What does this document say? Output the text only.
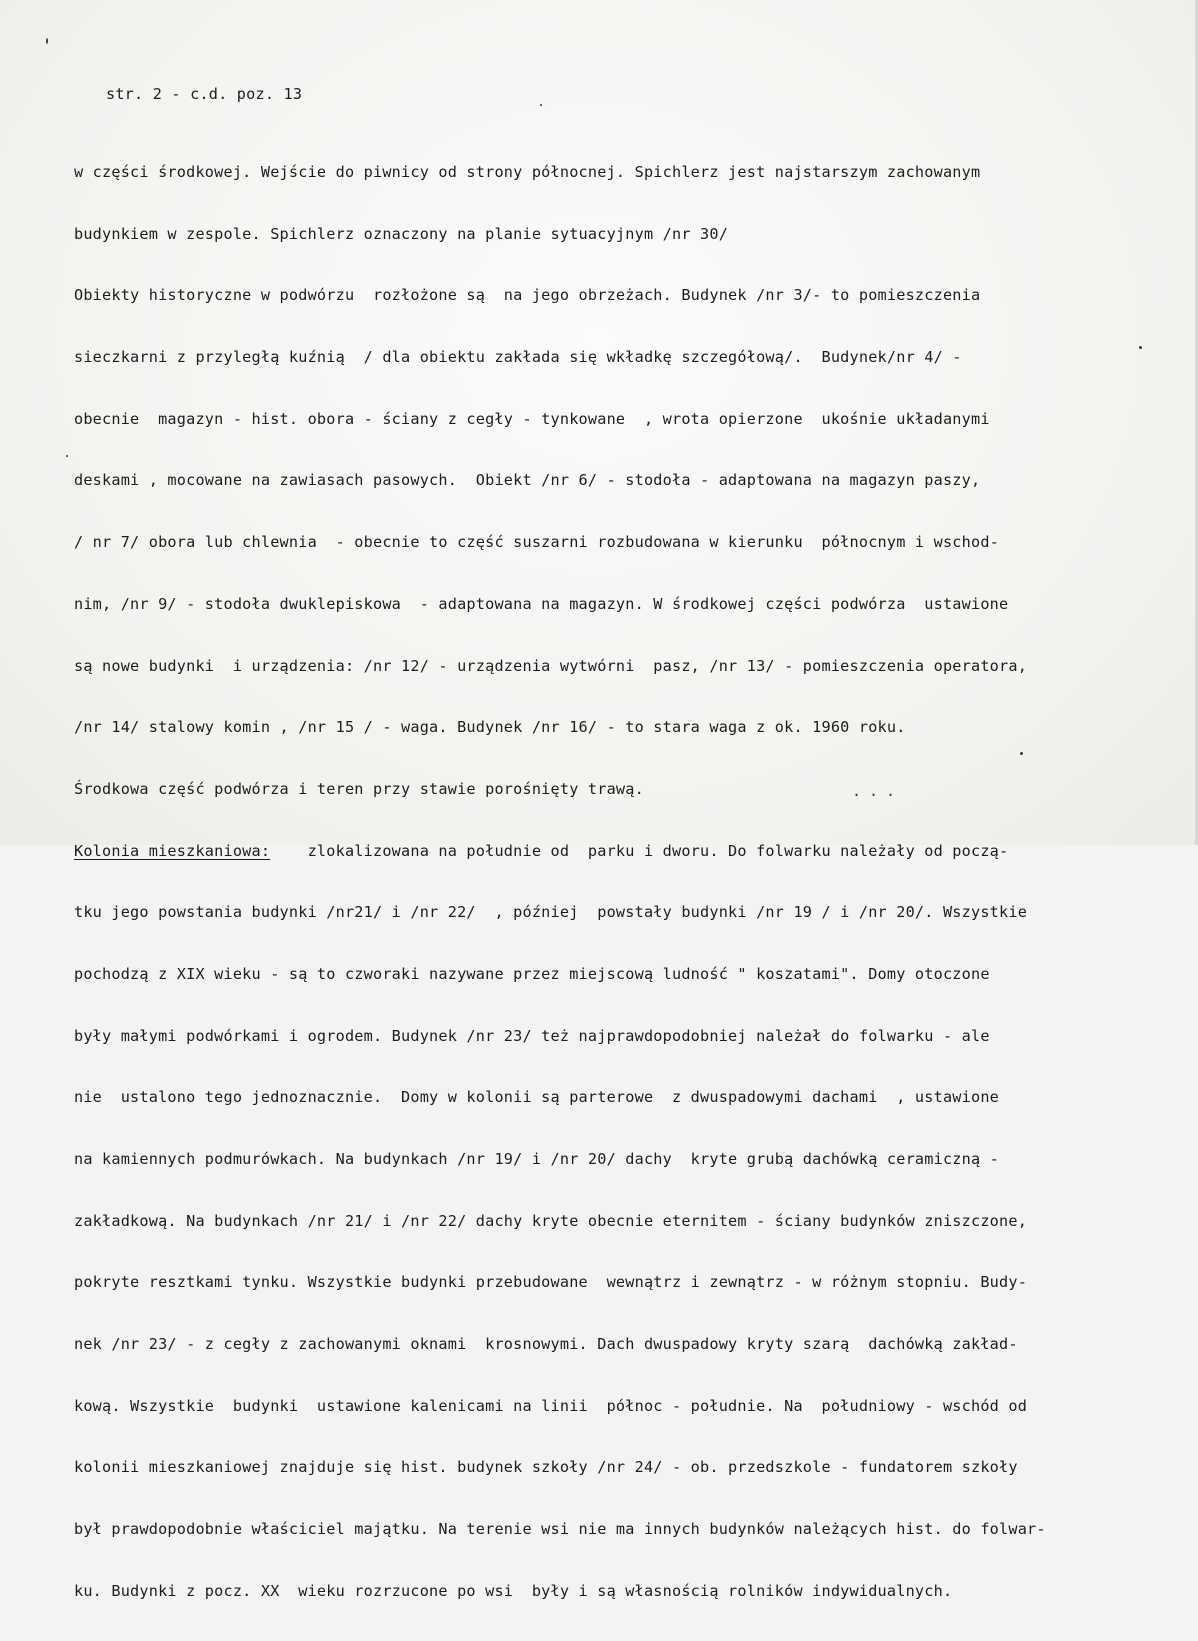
str. 2 - c.d. poz. 13

w części środkowej. Wejście do piwnicy od strony północnej. Spichlerz jest najstarszym zachowanym

budynkiem w zespole. Spichlerz oznaczony na planie sytuacyjnym /nr 30/

Obiekty historyczne w podwórzu  rozłożone są  na jego obrzeżach. Budynek /nr 3/- to pomieszczenia

sieczkarni z przyległą kuźnią  / dla obiektu zakłada się wkładkę szczegółową/.  Budynek/nr 4/ -

obecnie  magazyn - hist. obora - ściany z cegły - tynkowane  , wrota opierzone  ukośnie układanymi

deskami , mocowane na zawiasach pasowych.  Obiekt /nr 6/ - stodoła - adaptowana na magazyn paszy,

/ nr 7/ obora lub chlewnia  - obecnie to część suszarni rozbudowana w kierunku  północnym i wschod-

nim, /nr 9/ - stodoła dwuklepiskowa  - adaptowana na magazyn. W środkowej części podwórza  ustawione

są nowe budynki  i urządzenia: /nr 12/ - urządzenia wytwórni  pasz, /nr 13/ - pomieszczenia operatora,

/nr 14/ stalowy komin , /nr 15 / - waga. Budynek /nr 16/ - to stara waga z ok. 1960 roku.

Środkowa część podwórza i teren przy stawie porośnięty trawą.

Kolonia mieszkaniowa:    zlokalizowana na południe od  parku i dworu. Do folwarku należały od począ-

tku jego powstania budynki /nr21/ i /nr 22/  , później  powstały budynki /nr 19 / i /nr 20/. Wszystkie

pochodzą z XIX wieku - są to czworaki nazywane przez miejscową ludność " koszatami". Domy otoczone

były małymi podwórkami i ogrodem. Budynek /nr 23/ też najprawdopodobniej należał do folwarku - ale

nie  ustalono tego jednoznacznie.  Domy w kolonii są parterowe  z dwuspadowymi dachami  , ustawione

na kamiennych podmurówkach. Na budynkach /nr 19/ i /nr 20/ dachy  kryte grubą dachówką ceramiczną -

zakładkową. Na budynkach /nr 21/ i /nr 22/ dachy kryte obecnie eternitem - ściany budynków zniszczone,

pokryte resztkami tynku. Wszystkie budynki przebudowane  wewnątrz i zewnątrz - w różnym stopniu. Budy-

nek /nr 23/ - z cegły z zachowanymi oknami  krosnowymi. Dach dwuspadowy kryty szarą  dachówką zakład-

kową. Wszystkie  budynki  ustawione kalenicami na linii  północ - południe. Na  południowy - wschód od

kolonii mieszkaniowej znajduje się hist. budynek szkoły /nr 24/ - ob. przedszkole - fundatorem szkoły

był prawdopodobnie właściciel majątku. Na terenie wsi nie ma innych budynków należących hist. do folwar-

ku. Budynki z pocz. XX  wieku rozrzucone po wsi  były i są własnością rolników indywidualnych.

...
